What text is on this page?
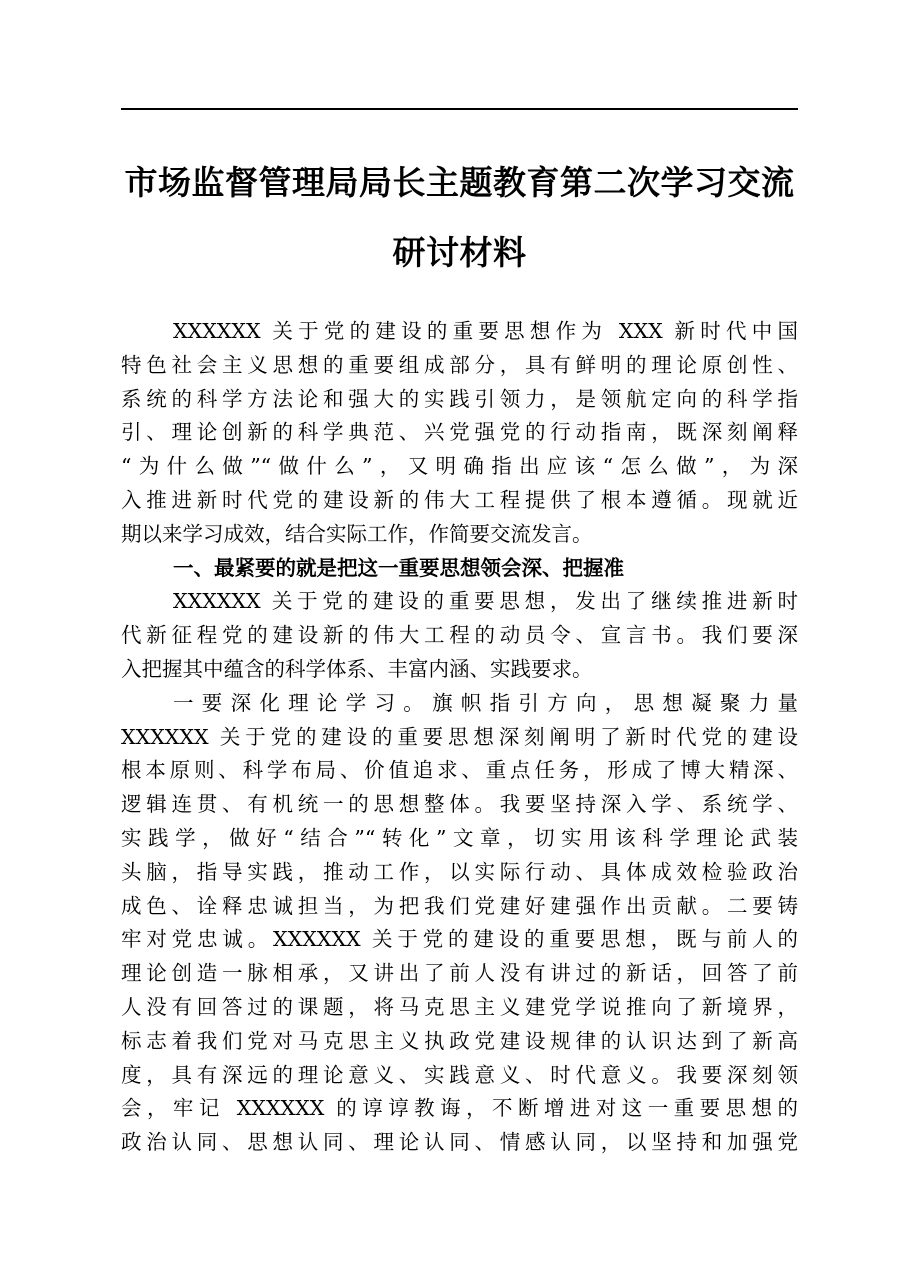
市场监督管理局局长主题教育第二次学习交流
研讨材料
XXXXXX 关于党的建设的重要思想作为 XXX 新时代中国
特色社会主义思想的重要组成部分，具有鲜明的理论原创性、
系统的科学方法论和强大的实践引领力，是领航定向的科学指
引、理论创新的科学典范、兴党强党的行动指南，既深刻阐释
“为什么做”“做什么”，又明确指出应该“怎么做”，为深
入推进新时代党的建设新的伟大工程提供了根本遵循。现就近
期以来学习成效，结合实际工作，作简要交流发言。
一、最紧要的就是把这一重要思想领会深、把握准
XXXXXX 关于党的建设的重要思想，发出了继续推进新时
代新征程党的建设新的伟大工程的动员令、宣言书。我们要深
入把握其中蕴含的科学体系、丰富内涵、实践要求。
一要深化理论学习。旗帜指引方向，思想凝聚力量
XXXXXX 关于党的建设的重要思想深刻阐明了新时代党的建设
根本原则、科学布局、价值追求、重点任务，形成了博大精深、
逻辑连贯、有机统一的思想整体。我要坚持深入学、系统学、
实践学，做好“结合”“转化”文章，切实用该科学理论武装
头脑，指导实践，推动工作，以实际行动、具体成效检验政治
成色、诠释忠诚担当，为把我们党建好建强作出贡献。二要铸
牢对党忠诚。XXXXXX 关于党的建设的重要思想，既与前人的
理论创造一脉相承，又讲出了前人没有讲过的新话，回答了前
人没有回答过的课题，将马克思主义建党学说推向了新境界，
标志着我们党对马克思主义执政党建设规律的认识达到了新高
度，具有深远的理论意义、实践意义、时代意义。我要深刻领
会，牢记 XXXXXX 的谆谆教诲，不断增进对这一重要思想的
政治认同、思想认同、理论认同、情感认同，以坚持和加强党
